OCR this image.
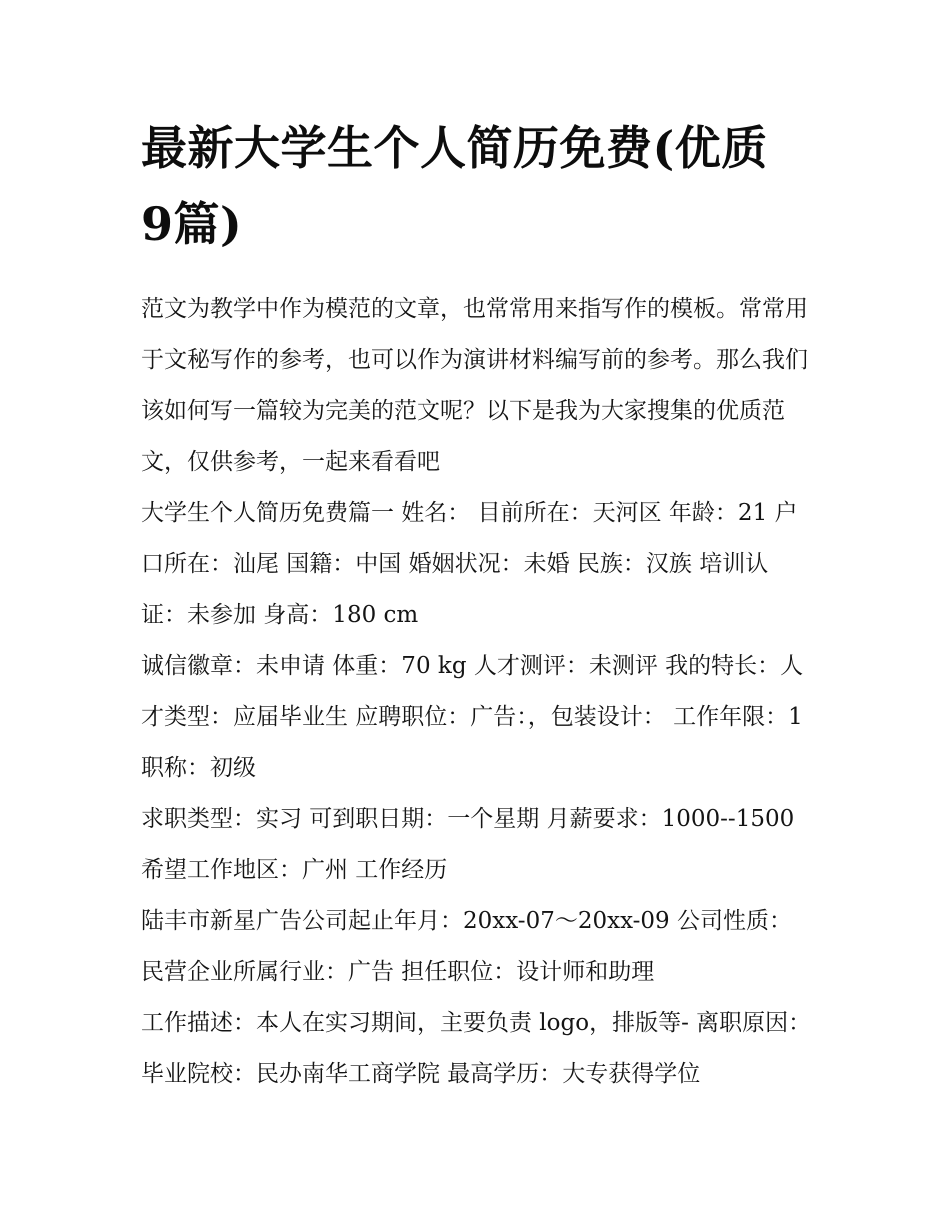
最新大学生个人简历免费(优质 9篇)

范文为教学中作为模范的文章，也常常用来指写作的模板。常常用于文秘写作的参考，也可以作为演讲材料编写前的参考。那么我们该如何写一篇较为完美的范文呢？以下是我为大家搜集的优质范文，仅供参考，一起来看看吧

大学生个人简历免费篇一 姓名： 目前所在：天河区 年龄：21 户口所在：汕尾 国籍：中国 婚姻状况：未婚 民族：汉族 培训认证：未参加 身高：180 cm

诚信徽章：未申请 体重：70 kg 人才测评：未测评 我的特长：人才类型：应届毕业生 应聘职位：广告：，包装设计： 工作年限：1 职称：初级

求职类型：实习 可到职日期：一个星期 月薪要求：1000--1500 希望工作地区：广州 工作经历

陆丰市新星广告公司起止年月：20xx-07～20xx-09 公司性质：民营企业所属行业：广告 担任职位：设计师和助理

工作描述：本人在实习期间，主要负责 logo，排版等- 离职原因： 毕业院校：民办南华工商学院 最高学历：大专获得学位
